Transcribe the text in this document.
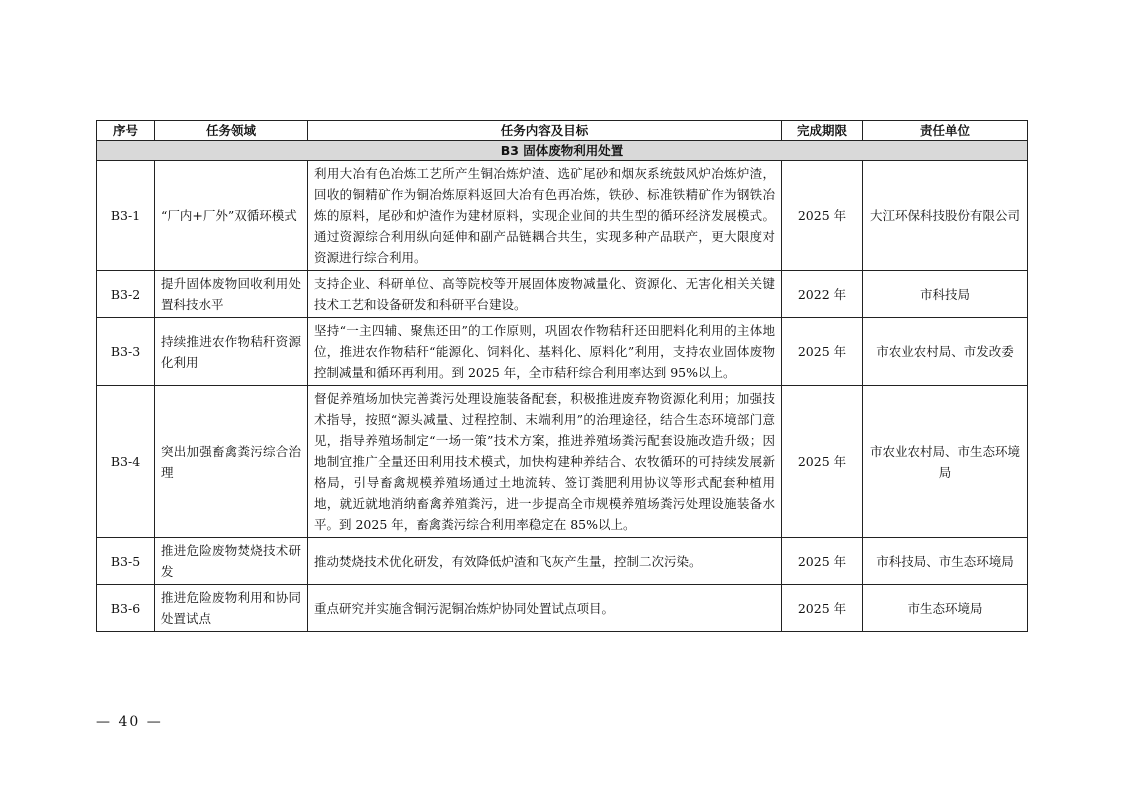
序号	任务领域	任务内容及目标	完成期限	责任单位
B3 固体废物利用处置				
B3-1	“厂内+厂外”双循环模式	利用大冶有色冶炼工艺所产生铜冶炼炉渣、选矿尾砂和烟灰系统鼓风炉冶炼炉渣，回收的铜精矿作为铜冶炼原料返回大冶有色再冶炼，铁砂、标准铁精矿作为钢铁冶炼的原料，尾砂和炉渣作为建材原料，实现企业间的共生型的循环经济发展模式。通过资源综合利用纵向延伸和副产品链耦合共生，实现多种产品联产，更大限度对资源进行综合利用。	2025 年	大江环保科技股份有限公司
B3-2	提升固体废物回收利用处置科技水平	支持企业、科研单位、高等院校等开展固体废物减量化、资源化、无害化相关关键技术工艺和设备研发和科研平台建设。	2022 年	市科技局
B3-3	持续推进农作物秸秆资源化利用	坚持“一主四辅、聚焦还田”的工作原则，巩固农作物秸秆还田肥料化利用的主体地位，推进农作物秸秆“能源化、饲料化、基料化、原料化”利用，支持农业固体废物控制减量和循环再利用。到 2025 年，全市秸秆综合利用率达到 95%以上。	2025 年	市农业农村局、市发改委
B3-4	突出加强畜禽粪污综合治理	督促养殖场加快完善粪污处理设施装备配套，积极推进废弃物资源化利用；加强技术指导，按照“源头减量、过程控制、末端利用”的治理途径，结合生态环境部门意见，指导养殖场制定“一场一策”技术方案，推进养殖场粪污配套设施改造升级；因地制宜推广全量还田利用技术模式，加快构建种养结合、农牧循环的可持续发展新格局，引导畜禽规模养殖场通过土地流转、签订粪肥利用协议等形式配套种植用地，就近就地消纳畜禽养殖粪污，进一步提高全市规模养殖场粪污处理设施装备水平。到 2025 年，畜禽粪污综合利用率稳定在 85%以上。	2025 年	市农业农村局、市生态环境局
B3-5	推进危险废物焚烧技术研发	推动焚烧技术优化研发，有效降低炉渣和飞灰产生量，控制二次污染。	2025 年	市科技局、市生态环境局
B3-6	推进危险废物利用和协同处置试点	重点研究并实施含铜污泥铜冶炼炉协同处置试点项目。	2025 年	市生态环境局
— 40 —
